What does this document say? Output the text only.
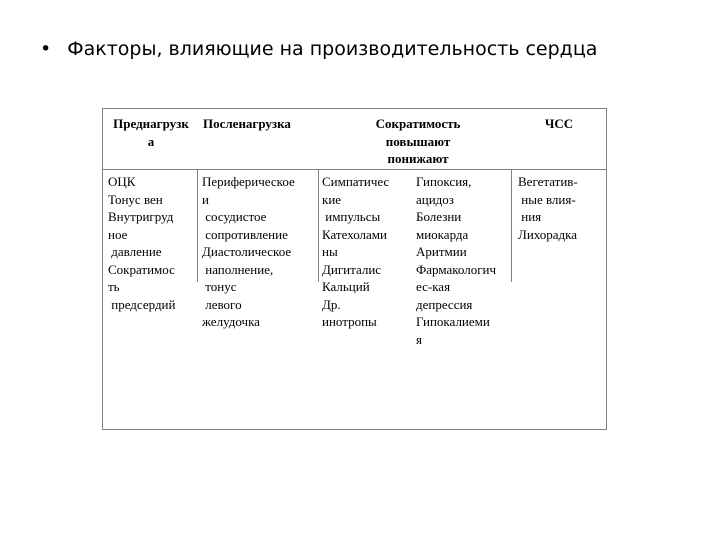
• Факторы, влияющие на производительность сердца
Преднагрузк
а
Посленагрузка	Сократимость
повышают
понижают
ЧСС
ОЦК
Тонус вен
Внутригруд
ное
давление
Сократимос
ть
предсердий
Периферическое
и
сосудистое
сопротивление
Диастолическое
наполнение,
тонус
левого
желудочка
Симпатичес
кие
импульсы
Катехолами
ны
Дигиталис
Кальций
Др.
инотропы
Гипоксия,
ацидоз
Болезни
миокарда
Аритмии
Фармакологич
ес-кая
депрессия
Гипокалиеми
я
Вегетатив-
ные влия-
ния
Лихорадка
